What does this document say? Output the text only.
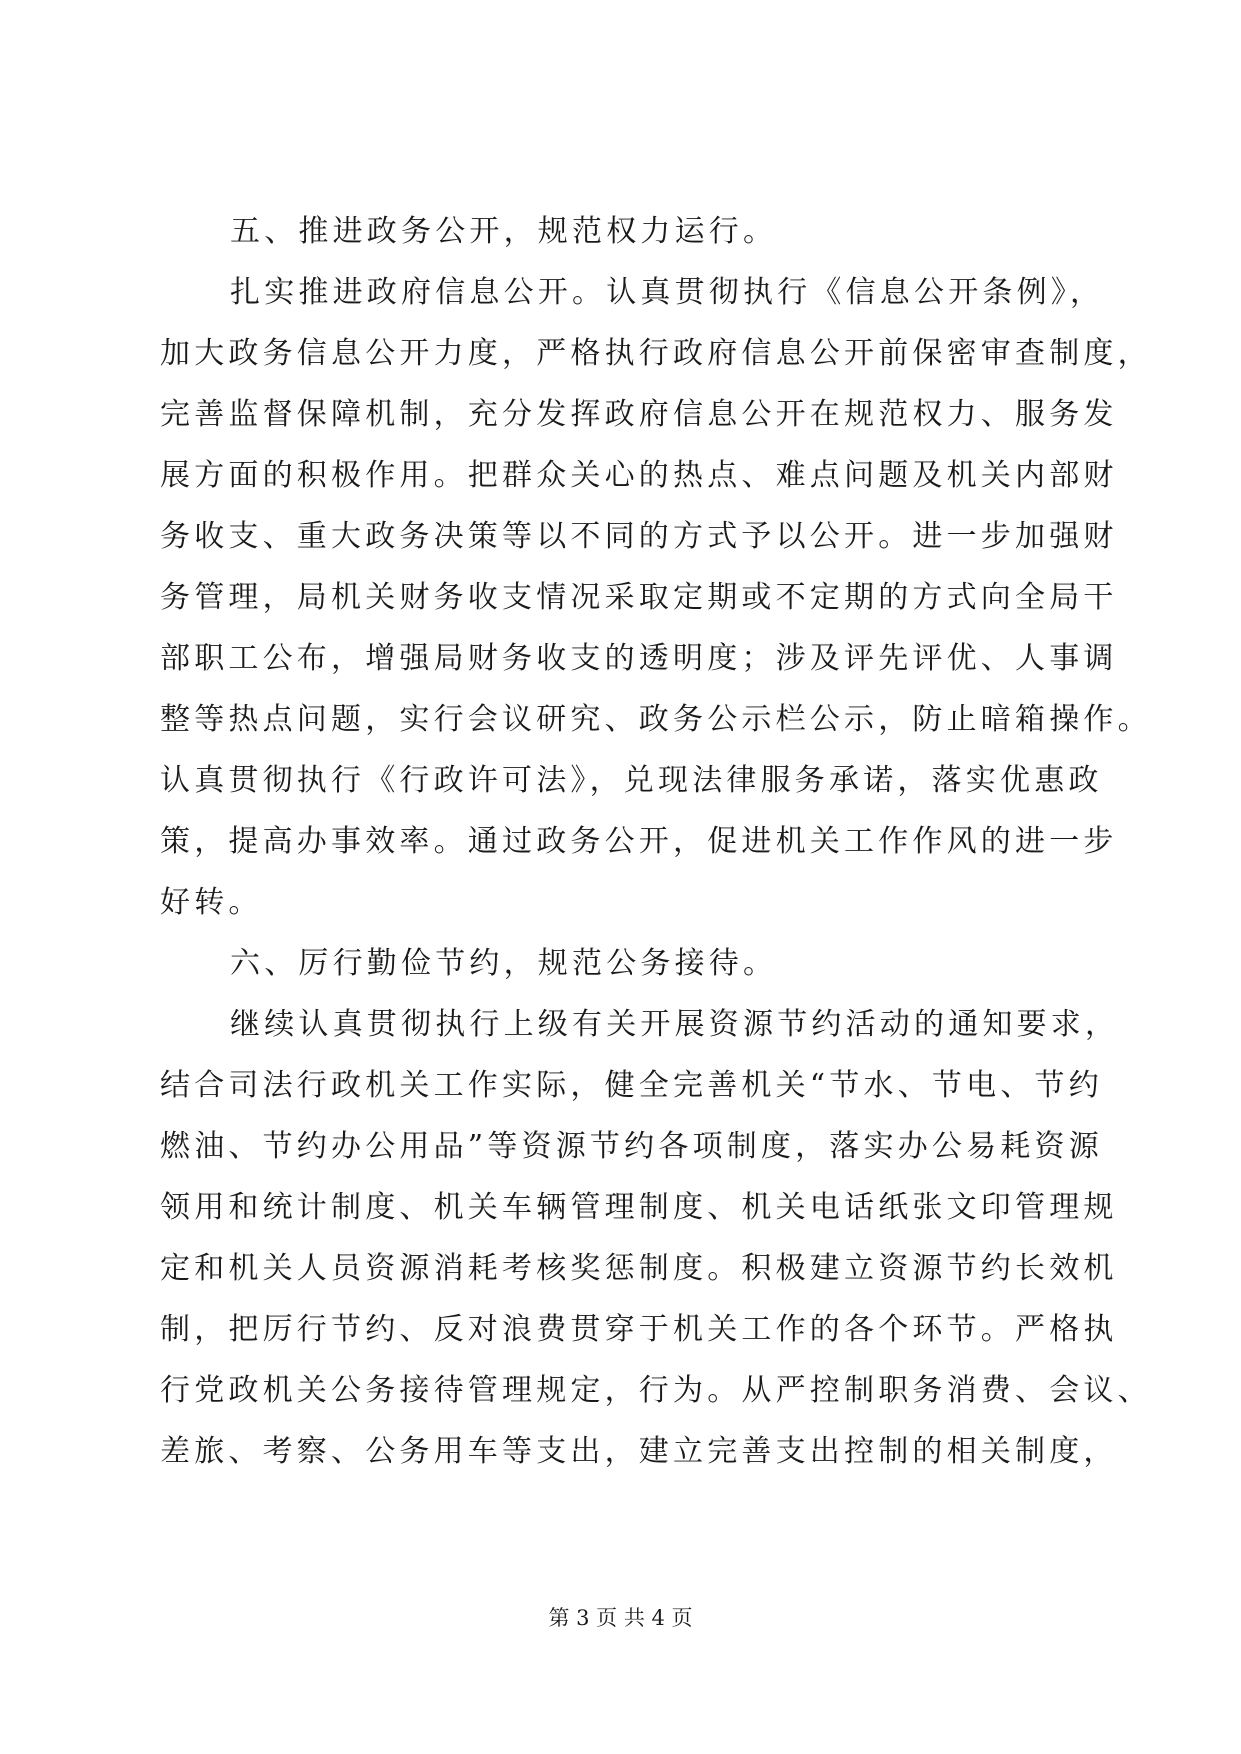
五、推进政务公开，规范权力运行。
扎实推进政府信息公开。认真贯彻执行《信息公开条例》，
加大政务信息公开力度，严格执行政府信息公开前保密审查制度，
完善监督保障机制，充分发挥政府信息公开在规范权力、服务发
展方面的积极作用。把群众关心的热点、难点问题及机关内部财
务收支、重大政务决策等以不同的方式予以公开。进一步加强财
务管理，局机关财务收支情况采取定期或不定期的方式向全局干
部职工公布，增强局财务收支的透明度；涉及评先评优、人事调
整等热点问题，实行会议研究、政务公示栏公示，防止暗箱操作。
认真贯彻执行《行政许可法》，兑现法律服务承诺，落实优惠政
策，提高办事效率。通过政务公开，促进机关工作作风的进一步
好转。
六、厉行勤俭节约，规范公务接待。
继续认真贯彻执行上级有关开展资源节约活动的通知要求，
结合司法行政机关工作实际，健全完善机关“节水、节电、节约
燃油、节约办公用品”等资源节约各项制度，落实办公易耗资源
领用和统计制度、机关车辆管理制度、机关电话纸张文印管理规
定和机关人员资源消耗考核奖惩制度。积极建立资源节约长效机
制，把厉行节约、反对浪费贯穿于机关工作的各个环节。严格执
行党政机关公务接待管理规定，行为。从严控制职务消费、会议、
差旅、考察、公务用车等支出，建立完善支出控制的相关制度，
第 3 页 共 4 页
